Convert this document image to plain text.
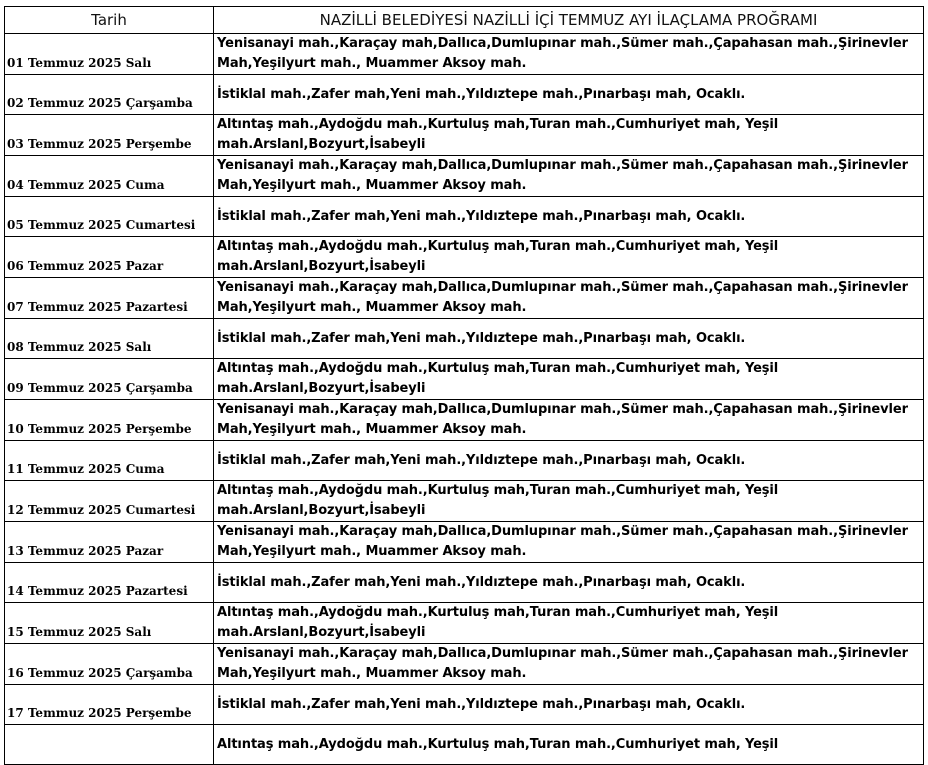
Tarih	NAZİLLİ BELEDİYESİ NAZİLLİ İÇİ TEMMUZ AYI İLAÇLAMA PROĞRAMI
01 Temmuz 2025 Salı	Yenisanayi mah.,Karaçay mah,Dallıca,Dumlupınar mah.,Sümer mah.,Çapahasan mah.,Şirinevler Mah,Yeşilyurt mah., Muammer Aksoy mah.
02 Temmuz 2025 Çarşamba	İstiklal mah.,Zafer mah,Yeni mah.,Yıldıztepe mah.,Pınarbaşı mah, Ocaklı.
03 Temmuz 2025 Perşembe	Altıntaş mah.,Aydoğdu mah.,Kurtuluş mah,Turan mah.,Cumhuriyet mah, Yeşil mah.Arslanl,Bozyurt,İsabeyli
04 Temmuz 2025 Cuma	Yenisanayi mah.,Karaçay mah,Dallıca,Dumlupınar mah.,Sümer mah.,Çapahasan mah.,Şirinevler Mah,Yeşilyurt mah., Muammer Aksoy mah.
05 Temmuz 2025 Cumartesi	İstiklal mah.,Zafer mah,Yeni mah.,Yıldıztepe mah.,Pınarbaşı mah, Ocaklı.
06 Temmuz 2025 Pazar	Altıntaş mah.,Aydoğdu mah.,Kurtuluş mah,Turan mah.,Cumhuriyet mah, Yeşil mah.Arslanl,Bozyurt,İsabeyli
07 Temmuz 2025 Pazartesi	Yenisanayi mah.,Karaçay mah,Dallıca,Dumlupınar mah.,Sümer mah.,Çapahasan mah.,Şirinevler Mah,Yeşilyurt mah., Muammer Aksoy mah.
08 Temmuz 2025 Salı	İstiklal mah.,Zafer mah,Yeni mah.,Yıldıztepe mah.,Pınarbaşı mah, Ocaklı.
09 Temmuz 2025 Çarşamba	Altıntaş mah.,Aydoğdu mah.,Kurtuluş mah,Turan mah.,Cumhuriyet mah, Yeşil mah.Arslanl,Bozyurt,İsabeyli
10 Temmuz 2025 Perşembe	Yenisanayi mah.,Karaçay mah,Dallıca,Dumlupınar mah.,Sümer mah.,Çapahasan mah.,Şirinevler Mah,Yeşilyurt mah., Muammer Aksoy mah.
11 Temmuz 2025 Cuma	İstiklal mah.,Zafer mah,Yeni mah.,Yıldıztepe mah.,Pınarbaşı mah, Ocaklı.
12 Temmuz 2025 Cumartesi	Altıntaş mah.,Aydoğdu mah.,Kurtuluş mah,Turan mah.,Cumhuriyet mah, Yeşil mah.Arslanl,Bozyurt,İsabeyli
13 Temmuz 2025 Pazar	Yenisanayi mah.,Karaçay mah,Dallıca,Dumlupınar mah.,Sümer mah.,Çapahasan mah.,Şirinevler Mah,Yeşilyurt mah., Muammer Aksoy mah.
14 Temmuz 2025 Pazartesi	İstiklal mah.,Zafer mah,Yeni mah.,Yıldıztepe mah.,Pınarbaşı mah, Ocaklı.
15 Temmuz 2025 Salı	Altıntaş mah.,Aydoğdu mah.,Kurtuluş mah,Turan mah.,Cumhuriyet mah, Yeşil mah.Arslanl,Bozyurt,İsabeyli
16 Temmuz 2025 Çarşamba	Yenisanayi mah.,Karaçay mah,Dallıca,Dumlupınar mah.,Sümer mah.,Çapahasan mah.,Şirinevler Mah,Yeşilyurt mah., Muammer Aksoy mah.
17 Temmuz 2025 Perşembe	İstiklal mah.,Zafer mah,Yeni mah.,Yıldıztepe mah.,Pınarbaşı mah, Ocaklı.
	Altıntaş mah.,Aydoğdu mah.,Kurtuluş mah,Turan mah.,Cumhuriyet mah, Yeşil
